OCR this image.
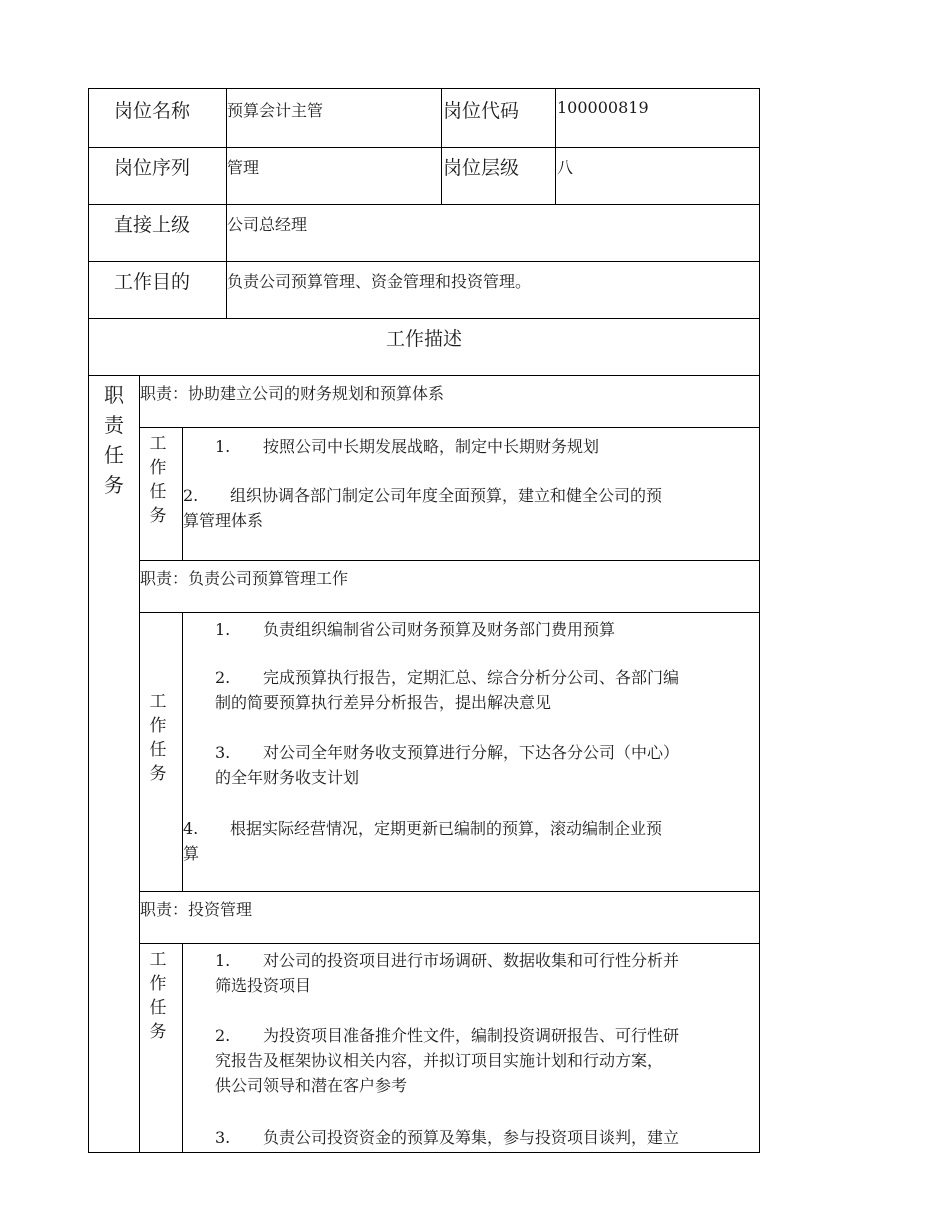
岗位名称 预算会计主管	岗位代码 100000819
岗位序列 管理	岗位层级 八
直接上级 公司总经理
工作目的 负责公司预算管理、资金管理和投资管理。
工作描述
职
责
任
务
职责：协助建立公司的财务规划和预算体系
工
作
任
务
1. 按照公司中长期发展战略，制定中长期财务规划
2. 组织协调各部门制定公司年度全面预算，建立和健全公司的预
算管理体系
职责：负责公司预算管理工作
工
作
任
务
1. 负责组织编制省公司财务预算及财务部门费用预算
2. 完成预算执行报告，定期汇总、综合分析分公司、各部门编
制的简要预算执行差异分析报告，提出解决意见
3. 对公司全年财务收支预算进行分解，下达各分公司（中心）
的全年财务收支计划
4. 根据实际经营情况，定期更新已编制的预算，滚动编制企业预
算
职责：投资管理
工
作
任
务
1. 对公司的投资项目进行市场调研、数据收集和可行性分析并
筛选投资项目
2. 为投资项目准备推介性文件，编制投资调研报告、可行性研
究报告及框架协议相关内容，并拟订项目实施计划和行动方案，
供公司领导和潜在客户参考
3. 负责公司投资资金的预算及筹集，参与投资项目谈判，建立
